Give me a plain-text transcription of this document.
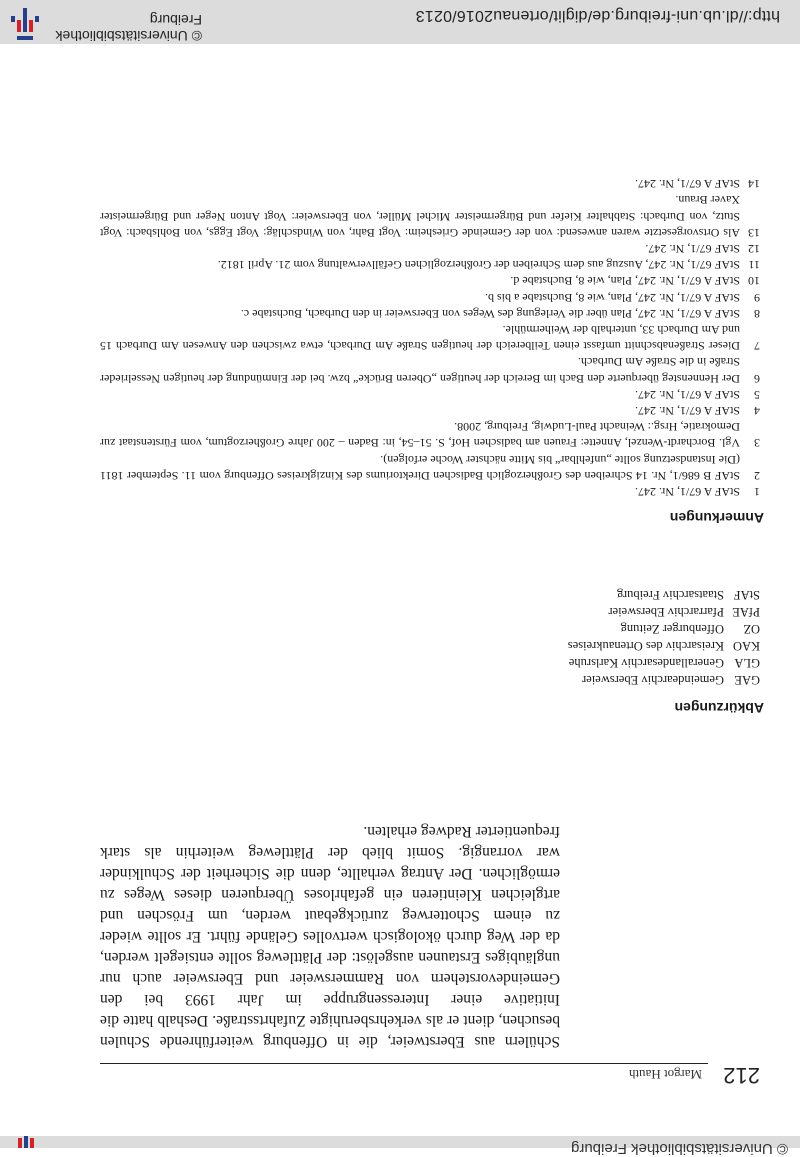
© Universitätsbibliothek Freiburg
212
Margot Hauth

Schülern aus Eberstweier, die in Offenburg weiterführende Schulen besuchen, dient er als verkehrsberuhigte Zufahrtsstraße. Deshalb hatte die Initiative einer Interessengruppe im Jahr 1993 bei den Gemeindevorstehern von Rammersweier und Ebersweier auch nur ungläubiges Erstaunen ausgelöst: der Plättleweg sollte entsiegelt werden, da der Weg durch ökologisch wertvolles Gelände führt. Er sollte wieder zu einem Schotterweg zurückgebaut werden, um Fröschen und artgleichen Kleintieren ein gefahrloses Überqueren dieses Weges zu ermöglichen. Der Antrag verhallte, denn die Sicherheit der Schulkinder war vorrangig. Somit blieb der Plättleweg weiterhin als stark frequentierter Radweg erhalten.

Abkürzungen
GAE
Gemeindearchiv Ebersweier
GLA
Generallandesarchiv Karlsruhe
KAO
Kreisarchiv des Ortenaukreises
OZ
Offenburger Zeitung
PfAE
Pfarrarchiv Ebersweier
StAF
Staatsarchiv Freiburg
Anmerkungen
1
StAF A 67/1, Nr. 247.
2
StAF B 686/1, Nr. 14 Schreiben des Großherzoglich Badischen Direktoriums des Kinzigkreises Offenburg vom 11. September 1811 (Die Instandsetzung sollte „unfehlbar“ bis Mitte nächster Woche erfolgen).
3
Vgl. Borchardt-Wenzel, Annette: Frauen am badischen Hof, S. 51–54, in: Baden – 200 Jahre Großherzogtum, vom Fürstenstaat zur Demokratie, Hrsg.: Weinacht Paul-Ludwig, Freiburg, 2008.
4
StAF A 67/1, Nr. 247.
5
StAF A 67/1, Nr. 247.
6
Der Hennensteg überquerte den Bach im Bereich der heutigen „Oberen Brücke“ bzw. bei der Einmündung der heutigen Nesselrieder Straße in die Straße Am Durbach.
7
Dieser Straßenabschnitt umfasst einen Teilbereich der heutigen Straße Am Durbach, etwa zwischen den Anwesen Am Durbach 15 und Am Durbach 33, unterhalb der Weihermühle.
8
StAF A 67/1, Nr. 247, Plan über die Verlegung des Weges von Ebersweier in den Durbach, Buchstabe c.
9
StAF A 67/1, Nr. 247, Plan, wie 8, Buchstabe a bis b.
10
StAF A 67/1, Nr. 247, Plan, wie 8, Buchstabe d.
11
StAF 67/1, Nr. 247, Auszug aus dem Schreiben der Großherzoglichen Gefällverwaltung vom 21. April 1812.
12
StAF 67/1, Nr. 247.
13
Als Ortsvorgesetzte waren anwesend: von der Gemeinde Griesheim: Vogt Bahr, von Windschläg: Vogt Eggs, von Bohlsbach: Vogt Stutz, von Durbach: Stabhalter Kiefer und Bürgermeister Michel Müller, von Ebersweier: Vogt Anton Neger und Bürgermeister Xaver Braun.
14
StAF A 67/1, Nr. 247.
© Universitätsbibliothek Freiburg	http://dl.ub.uni-freiburg.de/diglit/ortenau2016/0213
